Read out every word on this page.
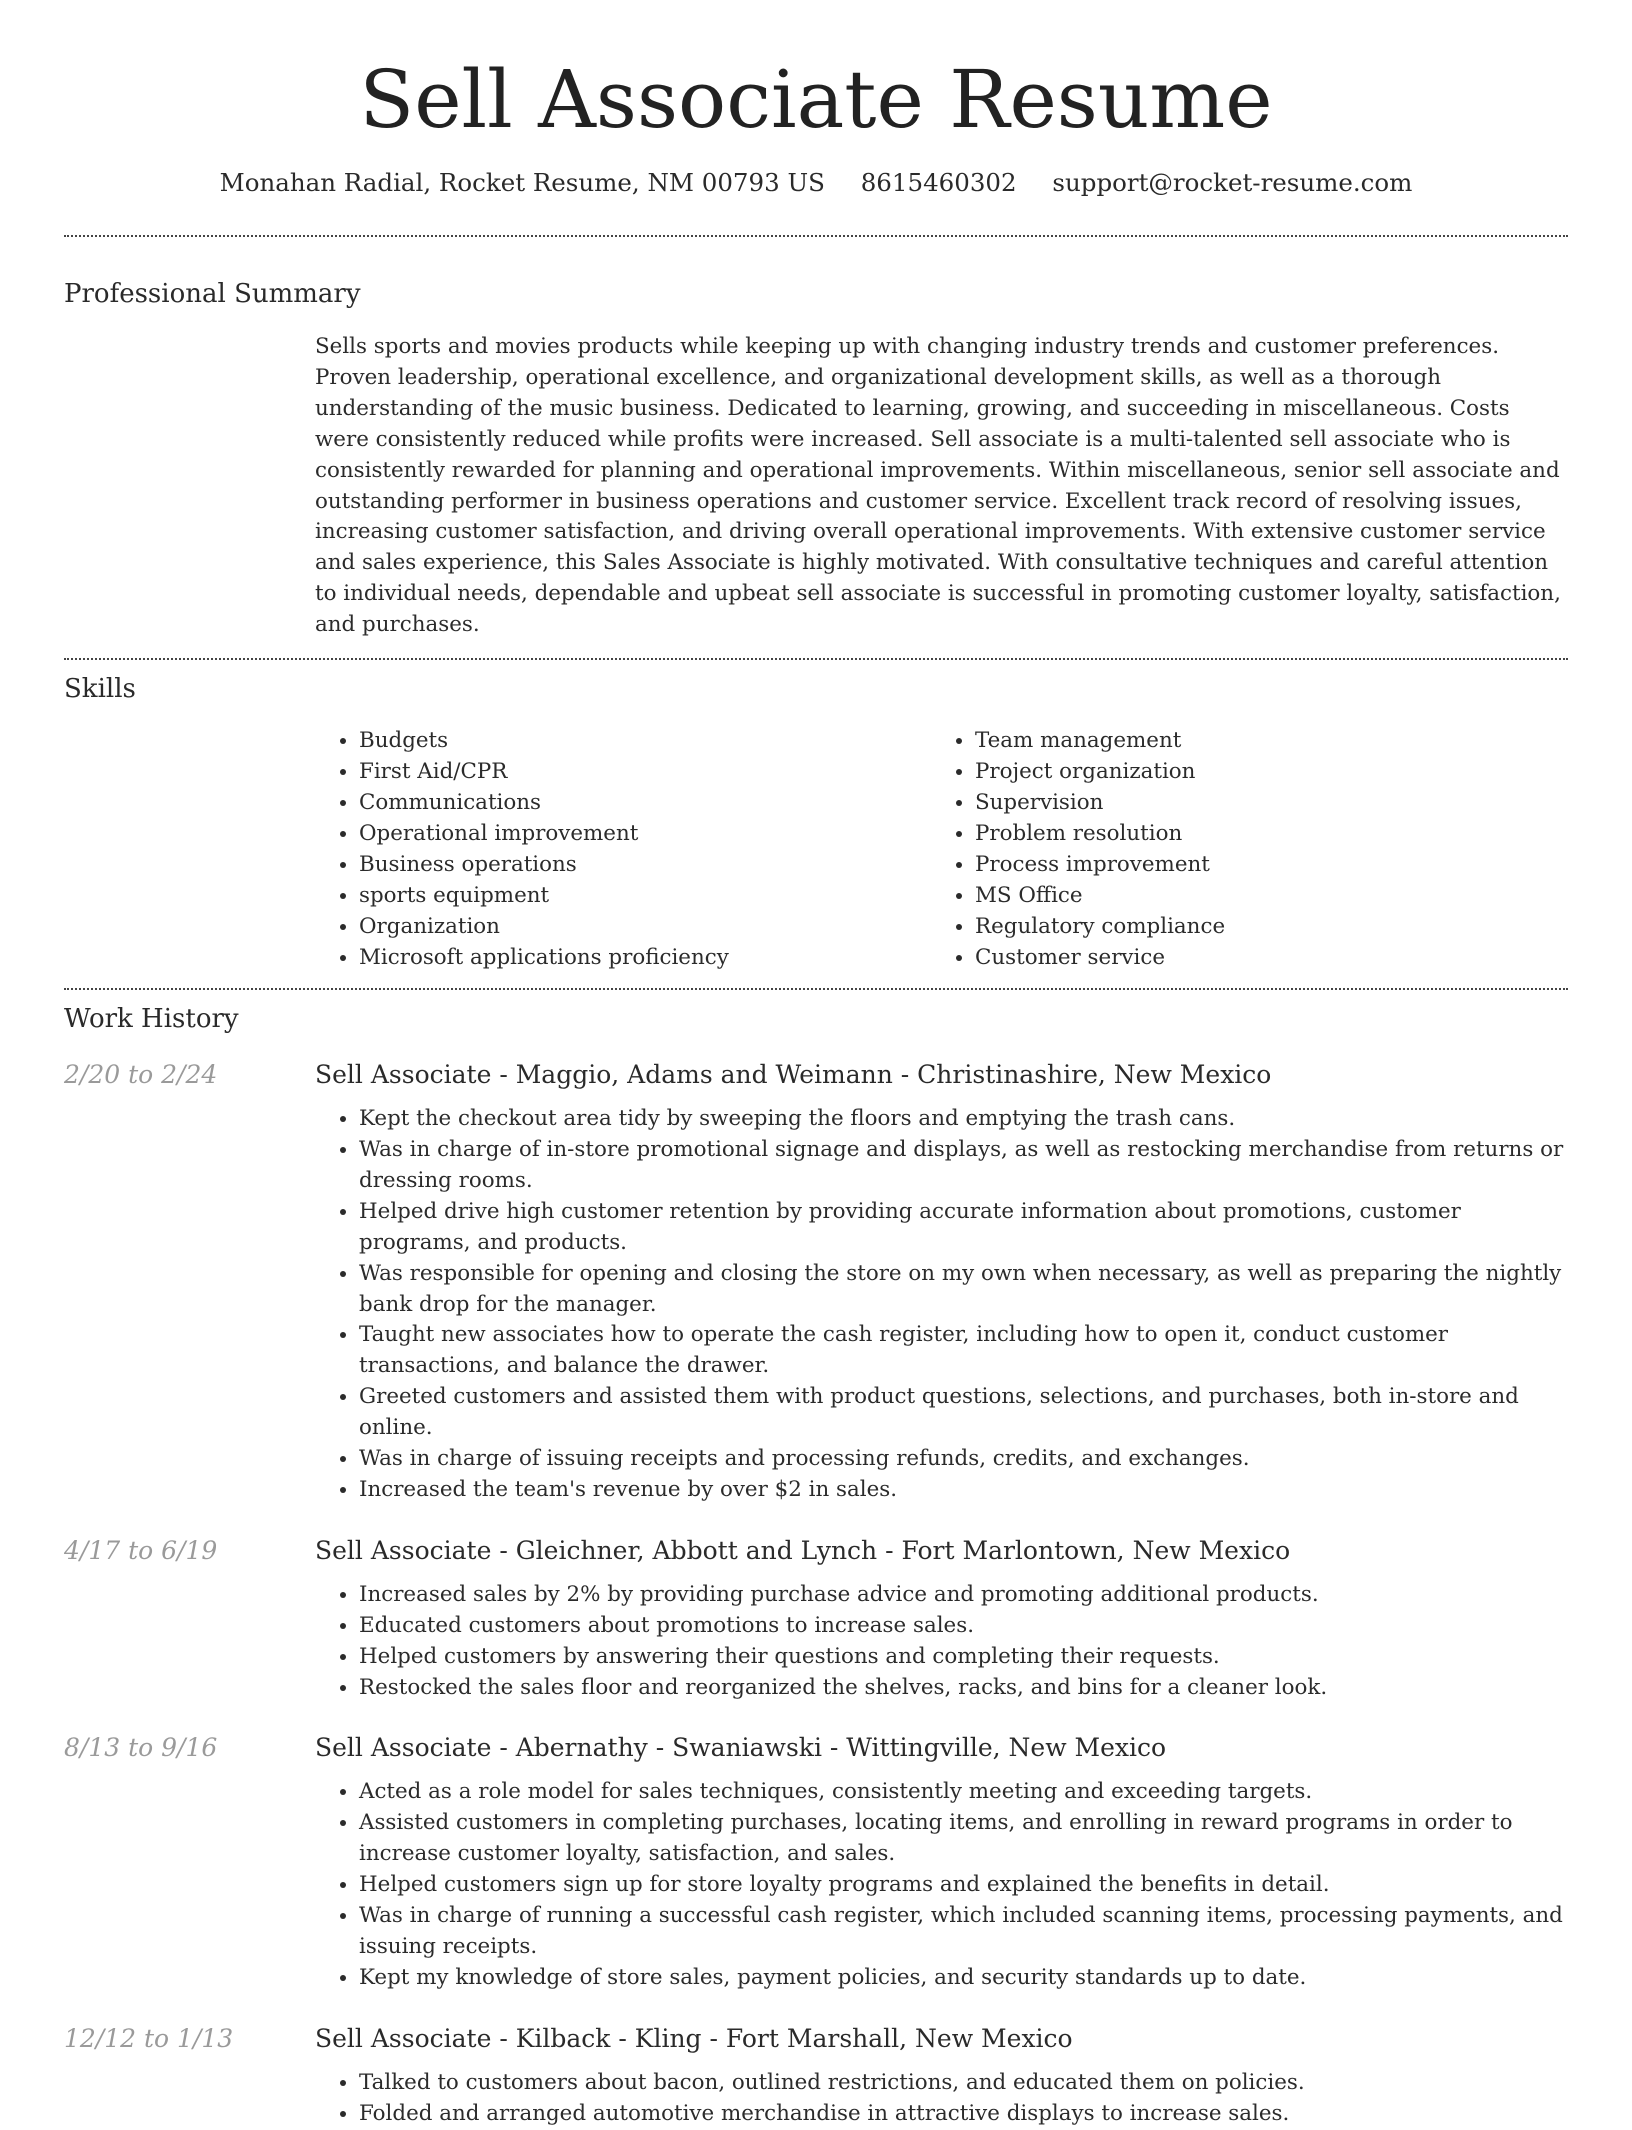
Sell Associate Resume
Monahan Radial, Rocket Resume, NM 00793 US 8615460302 support@rocket-resume.com
Professional Summary
Sells sports and movies products while keeping up with changing industry trends and customer preferences. Proven leadership, operational excellence, and organizational development skills, as well as a thorough understanding of the music business. Dedicated to learning, growing, and succeeding in miscellaneous. Costs were consistently reduced while profits were increased. Sell associate is a multi-talented sell associate who is consistently rewarded for planning and operational improvements. Within miscellaneous, senior sell associate and outstanding performer in business operations and customer service. Excellent track record of resolving issues, increasing customer satisfaction, and driving overall operational improvements. With extensive customer service and sales experience, this Sales Associate is highly motivated. With consultative techniques and careful attention to individual needs, dependable and upbeat sell associate is successful in promoting customer loyalty, satisfaction, and purchases.
Skills
• Budgets
• First Aid/CPR
• Communications
• Operational improvement
• Business operations
• sports equipment
• Organization
• Microsoft applications proficiency
• Team management
• Project organization
• Supervision
• Problem resolution
• Process improvement
• MS Office
• Regulatory compliance
• Customer service
Work History
2/20 to 2/24	Sell Associate - Maggio, Adams and Weimann - Christinashire, New Mexico
• Kept the checkout area tidy by sweeping the floors and emptying the trash cans.
• Was in charge of in-store promotional signage and displays, as well as restocking merchandise from returns or dressing rooms.
• Helped drive high customer retention by providing accurate information about promotions, customer programs, and products.
• Was responsible for opening and closing the store on my own when necessary, as well as preparing the nightly bank drop for the manager.
• Taught new associates how to operate the cash register, including how to open it, conduct customer transactions, and balance the drawer.
• Greeted customers and assisted them with product questions, selections, and purchases, both in-store and online.
• Was in charge of issuing receipts and processing refunds, credits, and exchanges.
• Increased the team's revenue by over $2 in sales.
4/17 to 6/19	Sell Associate - Gleichner, Abbott and Lynch - Fort Marlontown, New Mexico
• Increased sales by 2% by providing purchase advice and promoting additional products.
• Educated customers about promotions to increase sales.
• Helped customers by answering their questions and completing their requests.
• Restocked the sales floor and reorganized the shelves, racks, and bins for a cleaner look.
8/13 to 9/16	Sell Associate - Abernathy - Swaniawski - Wittingville, New Mexico
• Acted as a role model for sales techniques, consistently meeting and exceeding targets.
• Assisted customers in completing purchases, locating items, and enrolling in reward programs in order to increase customer loyalty, satisfaction, and sales.
• Helped customers sign up for store loyalty programs and explained the benefits in detail.
• Was in charge of running a successful cash register, which included scanning items, processing payments, and issuing receipts.
• Kept my knowledge of store sales, payment policies, and security standards up to date.
12/12 to 1/13	Sell Associate - Kilback - Kling - Fort Marshall, New Mexico
• Talked to customers about bacon, outlined restrictions, and educated them on policies.
• Folded and arranged automotive merchandise in attractive displays to increase sales.
